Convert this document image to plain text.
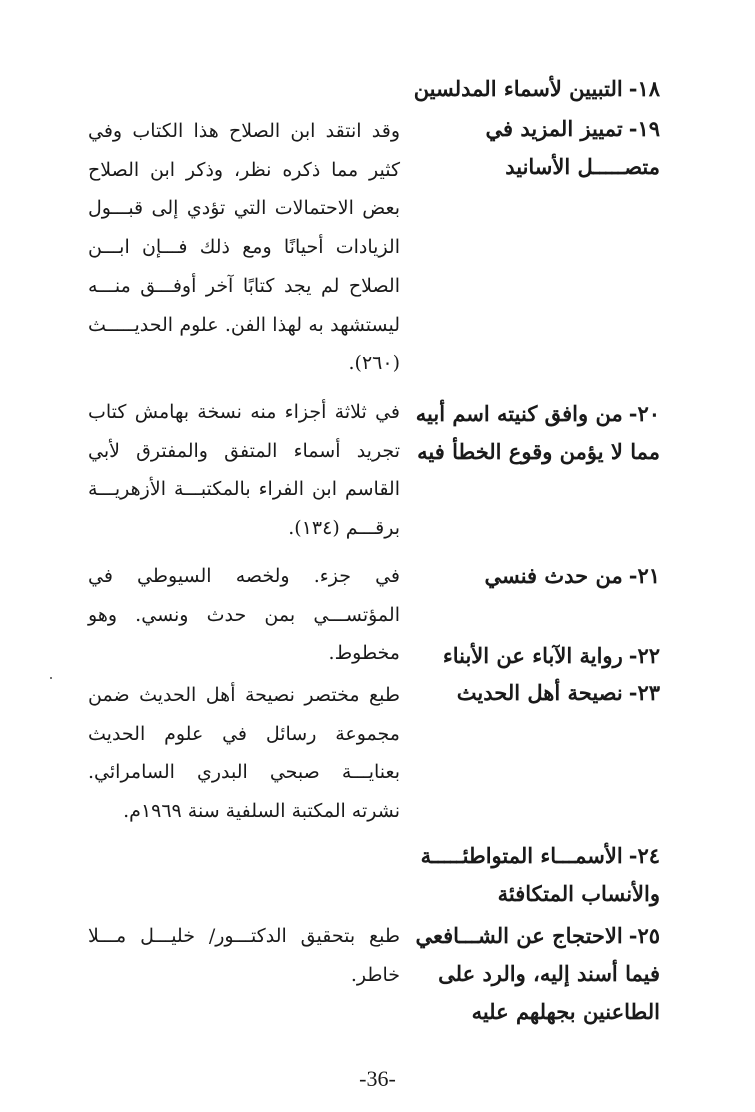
١٨-التبيين لأسماء المدلسين
١٩-تمييز المزيد في متصـــــل الأسانيد
وقد انتقد ابن الصلاح هذا الكتاب وفي كثير مما ذكره نظر، وذكر ابن الصلاح بعض الاحتمالات التي تؤدي إلى قبـــول الزيادات أحيانًا ومع ذلك فـــإن ابـــن الصلاح لم يجد كتابًا آخر أوفـــق منـــه ليستشهد به لهذا الفن. علوم الحديـــــث (٢٦٠).
٢٠-من وافق كنيته اسم أبيه مما لا يؤمن وقوع الخطأ فيه
في ثلاثة أجزاء منه نسخة بهامش كتاب تجريد أسماء المتفق والمفترق لأبي القاسم ابن الفراء بالمكتبـــة الأزهريـــة برقـــم (١٣٤).
٢١-من حدث فنسي
في جزء. ولخصه السيوطي في المؤتســـي بمن حدث ونسي. وهو مخطوط.	٢٢-رواية الآباء عن الأبناء
٢٣-نصيحة أهل الحديث
طبع مختصر نصيحة أهل الحديث ضمن مجموعة رسائل في علوم الحديث بعنايـــة صبحي البدري السامرائي. نشرته المكتبة السلفية سنة ١٩٦٩م.
٢٤-الأسمـــاء المتواطئـــــة والأنساب المتكافئة
٢٥-الاحتجاج عن الشـــافعي فيما أسند إليه، والرد على الطاعنين بجهلهم عليه
طبع بتحقيق الدكتـــور/ خليـــل مـــلا خاطر.
-36-
